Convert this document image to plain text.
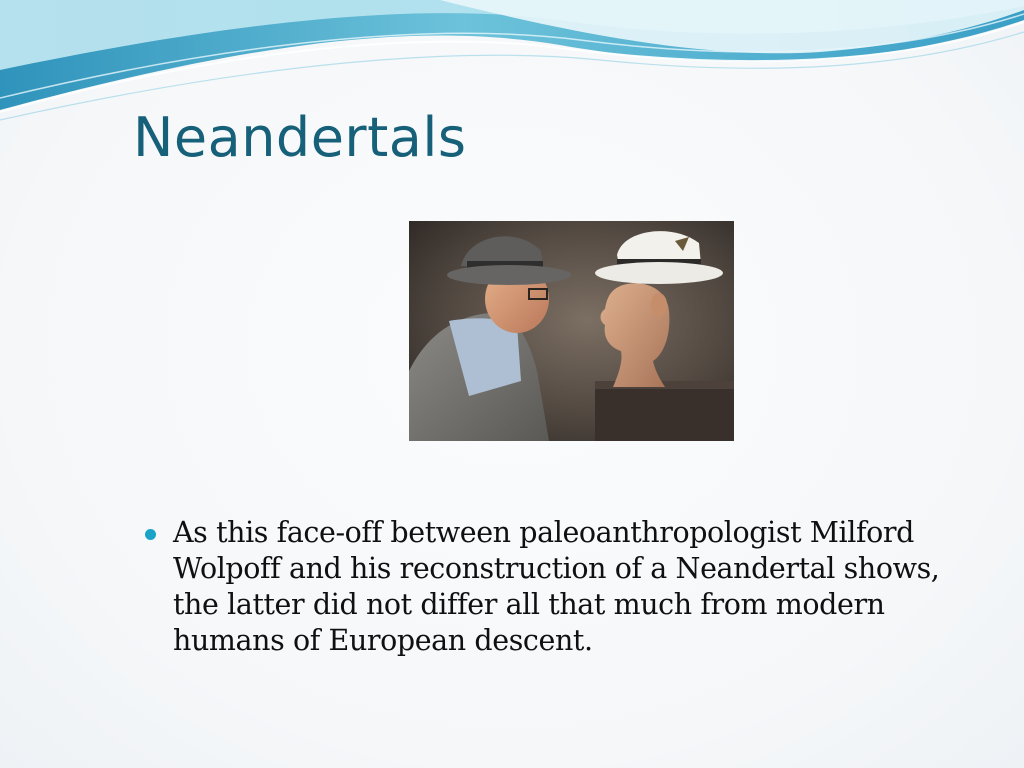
Neandertals
As this face-off between paleoanthropologist Milford Wolpoff and his reconstruction of a Neandertal shows, the latter did not differ all that much from modern humans of European descent.
